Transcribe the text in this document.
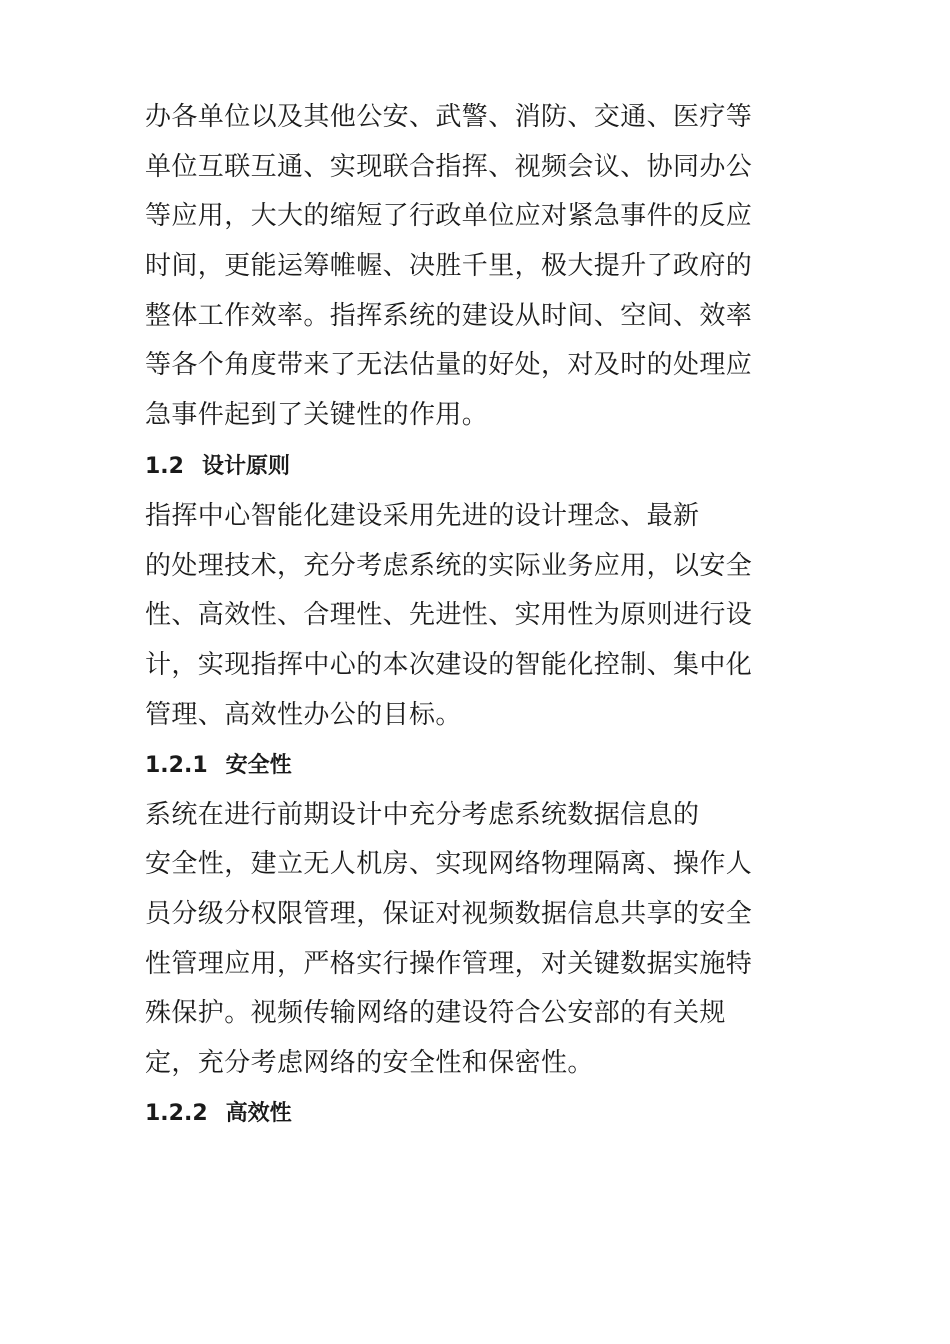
办各单位以及其他公安、武警、消防、交通、医疗等
单位互联互通、实现联合指挥、视频会议、协同办公
等应用，大大的缩短了行政单位应对紧急事件的反应
时间，更能运筹帷幄、决胜千里，极大提升了政府的
整体工作效率。指挥系统的建设从时间、空间、效率
等各个角度带来了无法估量的好处，对及时的处理应
急事件起到了关键性的作用。
1.2 设计原则
指挥中心智能化建设采用先进的设计理念、最新
的处理技术，充分考虑系统的实际业务应用，以安全
性、高效性、合理性、先进性、实用性为原则进行设
计，实现指挥中心的本次建设的智能化控制、集中化
管理、高效性办公的目标。
1.2.1 安全性
系统在进行前期设计中充分考虑系统数据信息的
安全性，建立无人机房、实现网络物理隔离、操作人
员分级分权限管理，保证对视频数据信息共享的安全
性管理应用，严格实行操作管理，对关键数据实施特
殊保护。视频传输网络的建设符合公安部的有关规
定，充分考虑网络的安全性和保密性。
1.2.2 高效性
